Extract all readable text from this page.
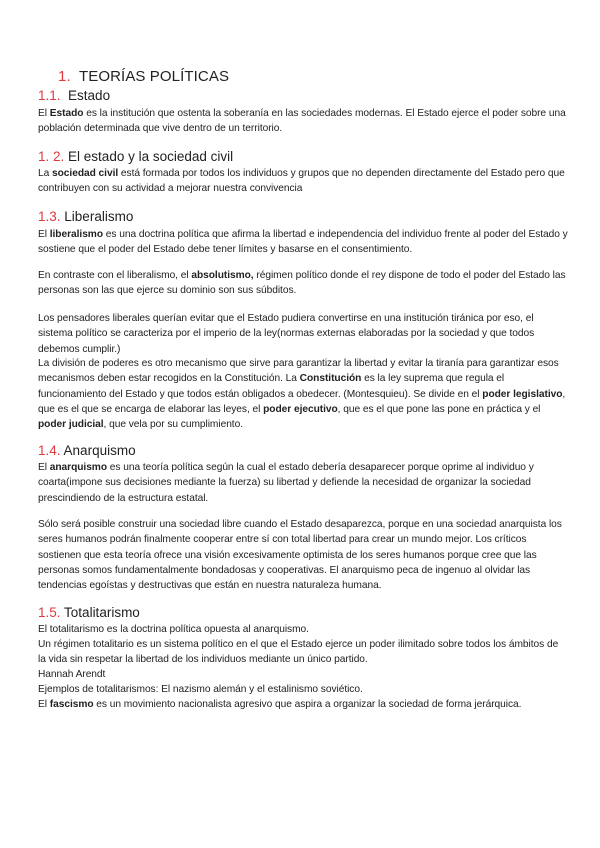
1. TEORÍAS POLÍTICAS
1.1. Estado

El Estado es la institución que ostenta la soberanía en las sociedades modernas. El Estado ejerce el poder sobre una población determinada que vive dentro de un territorio.

1. 2. El estado y la sociedad civil

La sociedad civil está formada por todos los individuos y grupos que no dependen directamente del Estado pero que contribuyen con su actividad a mejorar nuestra convivencia

1.3. Liberalismo

El liberalismo es una doctrina política que afirma la libertad e independencia del individuo frente al poder del Estado y sostiene que el poder del Estado debe tener límites y basarse en el consentimiento.

En contraste con el liberalismo, el absolutismo, régimen político donde el rey dispone de todo el poder del Estado las personas son las que ejerce su dominio son sus súbditos.

Los pensadores liberales querían evitar que el Estado pudiera convertirse en una institución tiránica por eso, el sistema político se caracteriza por el imperio de la ley(normas externas elaboradas por la sociedad y que todos debemos cumplir.)

La división de poderes es otro mecanismo que sirve para garantizar la libertad y evitar la tiranía para garantizar esos mecanismos deben estar recogidos en la Constitución. La Constitución es la ley suprema que regula el funcionamiento del Estado y que todos están obligados a obedecer. (Montesquieu). Se divide en el poder legislativo, que es el que se encarga de elaborar las leyes, el poder ejecutivo, que es el que pone las pone en práctica y el poder judicial, que vela por su cumplimiento.

1.4. Anarquismo

El anarquismo es una teoría política según la cual el estado debería desaparecer porque oprime al individuo y coarta(impone sus decisiones mediante la fuerza) su libertad y defiende la necesidad de organizar la sociedad prescindiendo de la estructura estatal.

Sólo será posible construir una sociedad libre cuando el Estado desaparezca, porque en una sociedad anarquista los seres humanos podrán finalmente cooperar entre sí con total libertad para crear un mundo mejor. Los críticos sostienen que esta teoría ofrece una visión excesivamente optimista de los seres humanos porque cree que las personas somos fundamentalmente bondadosas y cooperativas. El anarquismo peca de ingenuo al olvidar las tendencias egoístas y destructivas que están en nuestra naturaleza humana.

1.5. Totalitarismo

El totalitarismo es la doctrina política opuesta al anarquismo.

Un régimen totalitario es un sistema político en el que el Estado ejerce un poder ilimitado sobre todos los ámbitos de la vida sin respetar la libertad de los individuos mediante un único partido.

Hannah Arendt

Ejemplos de totalitarismos: El nazismo alemán y el estalinismo soviético.

El fascismo es un movimiento nacionalista agresivo que aspira a organizar la sociedad de forma jerárquica.
